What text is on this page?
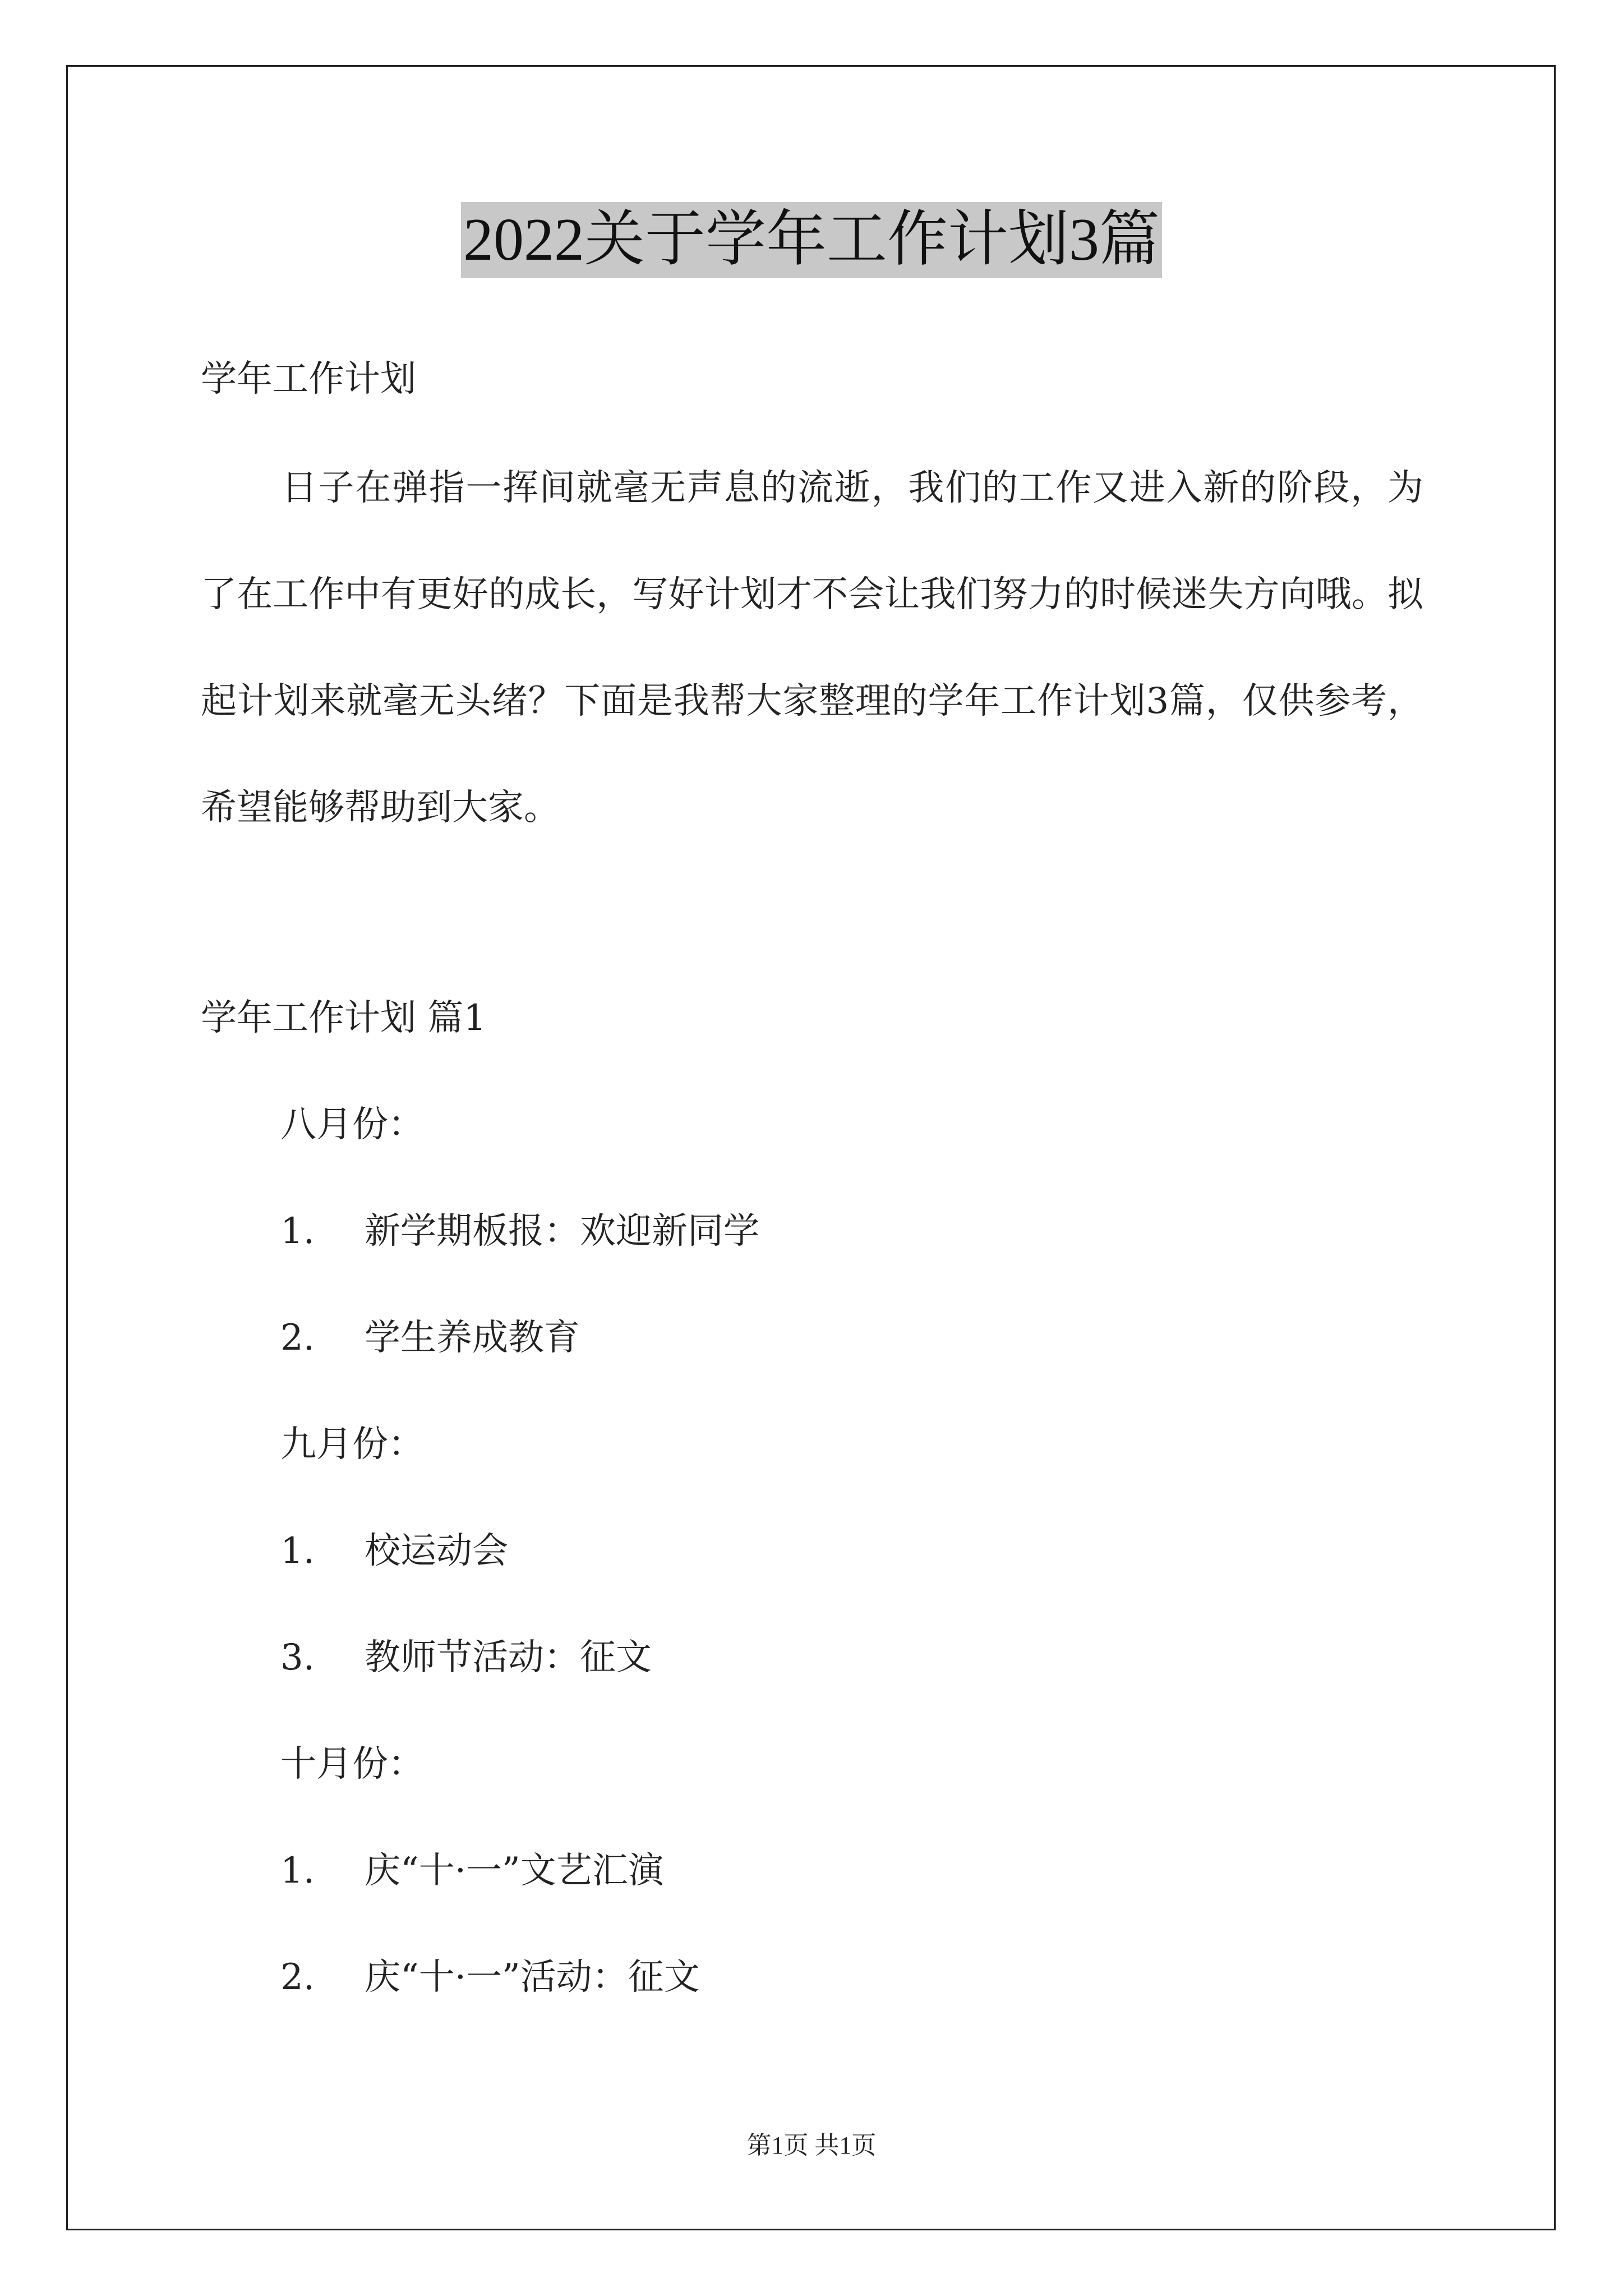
2022关于学年工作计划3篇
学年工作计划
日子在弹指一挥间就毫无声息的流逝，我们的工作又进入新的阶段，为了在工作中有更好的成长，写好计划才不会让我们努力的时候迷失方向哦。拟起计划来就毫无头绪？下面是我帮大家整理的学年工作计划3篇，仅供参考，希望能够帮助到大家。
学年工作计划 篇1
八月份：
1. 新学期板报：欢迎新同学
2. 学生养成教育
九月份：
1. 校运动会
3. 教师节活动：征文
十月份：
1. 庆“十·一”文艺汇演
2. 庆“十·一”活动：征文
第1页 共1页
